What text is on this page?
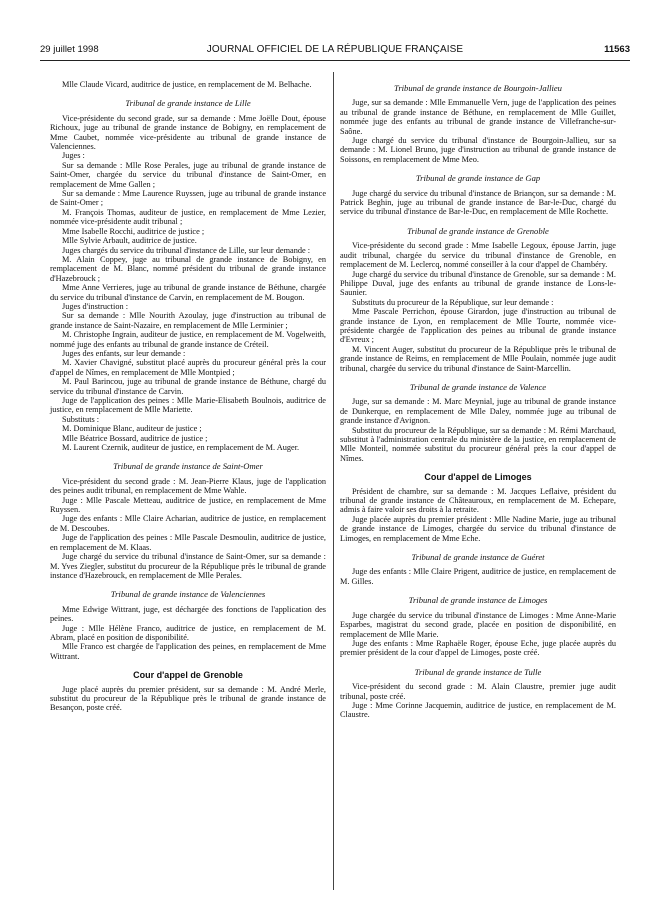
29 juillet 1998	JOURNAL OFFICIEL DE LA RÉPUBLIQUE FRANÇAISE	11563

Mlle Claude Vicard, auditrice de justice, en remplacement de M. Belhache.

Tribunal de grande instance de Lille

Vice-présidente du second grade, sur sa demande : Mme Joëlle Dout, épouse Richoux, juge au tribunal de grande instance de Bobigny, en remplacement de Mme Caubet, nommée vice-présidente au tribunal de grande instance de Valenciennes.

Juges :

Sur sa demande : Mlle Rose Perales, juge au tribunal de grande instance de Saint-Omer, chargée du service du tribunal d'instance de Saint-Omer, en remplacement de Mme Gallen ;

Sur sa demande : Mme Laurence Ruyssen, juge au tribunal de grande instance de Saint-Omer ;

M. François Thomas, auditeur de justice, en remplacement de Mme Lezier, nommée vice-présidente audit tribunal ;

Mme Isabelle Rocchi, auditrice de justice ;

Mlle Sylvie Arbault, auditrice de justice.

Juges chargés du service du tribunal d'instance de Lille, sur leur demande :

M. Alain Coppey, juge au tribunal de grande instance de Bobigny, en remplacement de M. Blanc, nommé président du tribunal de grande instance d'Hazebrouck ;

Mme Anne Verrieres, juge au tribunal de grande instance de Béthune, chargée du service du tribunal d'instance de Carvin, en remplacement de M. Bougon.

Juges d'instruction :

Sur sa demande : Mlle Nourith Azoulay, juge d'instruction au tribunal de grande instance de Saint-Nazaire, en remplacement de Mlle Lerminier ;

M. Christophe Ingrain, auditeur de justice, en remplacement de M. Vogelweith, nommé juge des enfants au tribunal de grande instance de Créteil.

Juges des enfants, sur leur demande :

M. Xavier Chavigné, substitut placé auprès du procureur général près la cour d'appel de Nîmes, en remplacement de Mlle Montpied ;

M. Paul Barincou, juge au tribunal de grande instance de Béthune, chargé du service du tribunal d'instance de Carvin.

Juge de l'application des peines : Mlle Marie-Elisabeth Boulnois, auditrice de justice, en remplacement de Mlle Mariette.

Substituts :

M. Dominique Blanc, auditeur de justice ;

Mlle Béatrice Bossard, auditrice de justice ;

M. Laurent Czernik, auditeur de justice, en remplacement de M. Auger.

Tribunal de grande instance de Saint-Omer

Vice-président du second grade : M. Jean-Pierre Klaus, juge de l'application des peines audit tribunal, en remplacement de Mme Wahle.

Juge : Mlle Pascale Metteau, auditrice de justice, en remplacement de Mme Ruyssen.

Juge des enfants : Mlle Claire Acharian, auditrice de justice, en remplacement de M. Descoubes.

Juge de l'application des peines : Mlle Pascale Desmoulin, auditrice de justice, en remplacement de M. Klaas.

Juge chargé du service du tribunal d'instance de Saint-Omer, sur sa demande : M. Yves Ziegler, substitut du procureur de la République près le tribunal de grande instance d'Hazebrouck, en remplacement de Mlle Perales.

Tribunal de grande instance de Valenciennes

Mme Edwige Wittrant, juge, est déchargée des fonctions de l'application des peines.

Juge : Mlle Hélène Franco, auditrice de justice, en remplacement de M. Abram, placé en position de disponibilité.

Mlle Franco est chargée de l'application des peines, en remplacement de Mme Wittrant.

Cour d'appel de Grenoble

Juge placé auprès du premier président, sur sa demande : M. André Merle, substitut du procureur de la République près le tribunal de grande instance de Besançon, poste créé.

Tribunal de grande instance de Bourgoin-Jallieu

Juge, sur sa demande : Mlle Emmanuelle Vern, juge de l'application des peines au tribunal de grande instance de Béthune, en remplacement de Mlle Guillet, nommée juge des enfants au tribunal de grande instance de Villefranche-sur-Saône.

Juge chargé du service du tribunal d'instance de Bourgoin-Jallieu, sur sa demande : M. Lionel Bruno, juge d'instruction au tribunal de grande instance de Soissons, en remplacement de Mme Meo.

Tribunal de grande instance de Gap

Juge chargé du service du tribunal d'instance de Briançon, sur sa demande : M. Patrick Beghin, juge au tribunal de grande instance de Bar-le-Duc, chargé du service du tribunal d'instance de Bar-le-Duc, en remplacement de Mlle Rochette.

Tribunal de grande instance de Grenoble

Vice-présidente du second grade : Mme Isabelle Legoux, épouse Jarrin, juge audit tribunal, chargée du service du tribunal d'instance de Grenoble, en remplacement de M. Leclercq, nommé conseiller à la cour d'appel de Chambéry.

Juge chargé du service du tribunal d'instance de Grenoble, sur sa demande : M. Philippe Duval, juge des enfants au tribunal de grande instance de Lons-le-Saunier.

Substituts du procureur de la République, sur leur demande :

Mme Pascale Perrichon, épouse Girardon, juge d'instruction au tribunal de grande instance de Lyon, en remplacement de Mlle Tourte, nommée vice-présidente chargée de l'application des peines au tribunal de grande instance d'Evreux ;

M. Vincent Auger, substitut du procureur de la République près le tribunal de grande instance de Reims, en remplacement de Mlle Poulain, nommée juge audit tribunal, chargée du service du tribunal d'instance de Saint-Marcellin.

Tribunal de grande instance de Valence

Juge, sur sa demande : M. Marc Meynial, juge au tribunal de grande instance de Dunkerque, en remplacement de Mlle Daley, nommée juge au tribunal de grande instance d'Avignon.

Substitut du procureur de la République, sur sa demande : M. Rémi Marchaud, substitut à l'administration centrale du ministère de la justice, en remplacement de Mlle Monteil, nommée substitut du procureur général près la cour d'appel de Nîmes.

Cour d'appel de Limoges

Président de chambre, sur sa demande : M. Jacques Leflaive, président du tribunal de grande instance de Châteauroux, en remplacement de M. Echepare, admis à faire valoir ses droits à la retraite.

Juge placée auprès du premier président : Mlle Nadine Marie, juge au tribunal de grande instance de Limoges, chargée du service du tribunal d'instance de Limoges, en remplacement de Mme Eche.

Tribunal de grande instance de Guéret

Juge des enfants : Mlle Claire Prigent, auditrice de justice, en remplacement de M. Gilles.

Tribunal de grande instance de Limoges

Juge chargée du service du tribunal d'instance de Limoges : Mme Anne-Marie Esparbes, magistrat du second grade, placée en position de disponibilité, en remplacement de Mlle Marie.

Juge des enfants : Mme Raphaële Roger, épouse Eche, juge placée auprès du premier président de la cour d'appel de Limoges, poste créé.

Tribunal de grande instance de Tulle

Vice-président du second grade : M. Alain Claustre, premier juge audit tribunal, poste créé.

Juge : Mme Corinne Jacquemin, auditrice de justice, en remplacement de M. Claustre.
